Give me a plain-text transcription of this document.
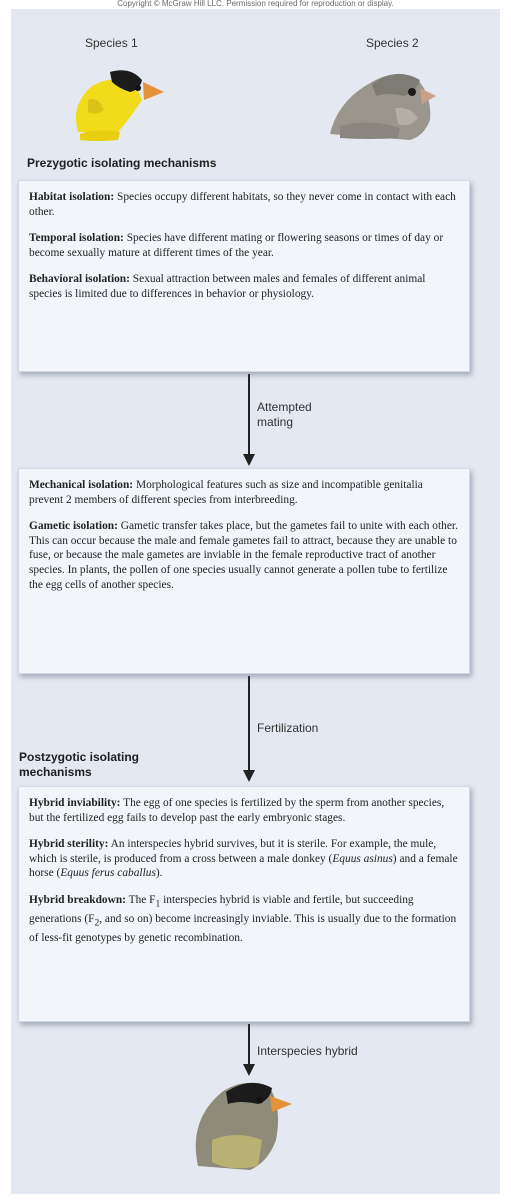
Copyright © McGraw Hill LLC. Permission required for reproduction or display.
Species 1	Species 2
Prezygotic isolating mechanisms

Habitat isolation: Species occupy different habitats, so they never come in contact with each other.

Temporal isolation: Species have different mating or flowering seasons or times of day or become sexually mature at different times of the year.

Behavioral isolation: Sexual attraction between males and females of different animal species is limited due to differences in behavior or physiology.

Attempted mating

Mechanical isolation: Morphological features such as size and incompatible genitalia prevent 2 members of different species from interbreeding.

Gametic isolation: Gametic transfer takes place, but the gametes fail to unite with each other. This can occur because the male and female gametes fail to attract, because they are unable to fuse, or because the male gametes are inviable in the female reproductive tract of another species. In plants, the pollen of one species usually cannot generate a pollen tube to fertilize the egg cells of another species.

Fertilization
Postzygotic isolating mechanisms

Hybrid inviability: The egg of one species is fertilized by the sperm from another species, but the fertilized egg fails to develop past the early embryonic stages.

Hybrid sterility: An interspecies hybrid survives, but it is sterile. For example, the mule, which is sterile, is produced from a cross between a male donkey (Equus asinus) and a female horse (Equus ferus caballus).

Hybrid breakdown: The $F_1$ interspecies hybrid is viable and fertile, but succeeding generations ($F_2$, and so on) become increasingly inviable. This is usually due to the formation of less-fit genotypes by genetic recombination.

Interspecies hybrid
